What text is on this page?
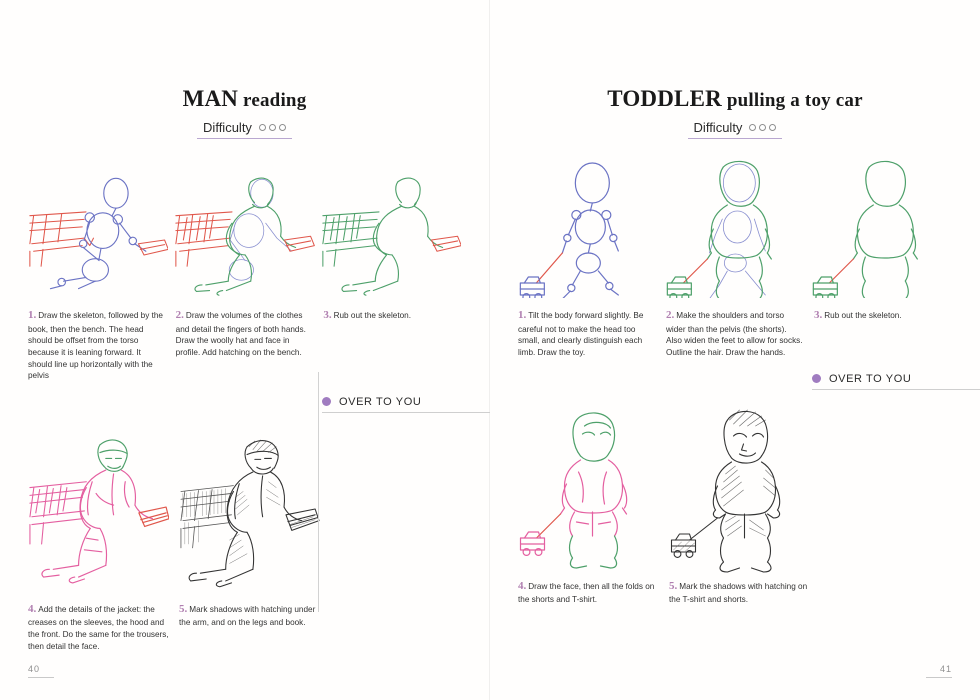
MAN reading
Difficulty
1. Draw the skeleton, followed by the book, then the bench. The head should be offset from the torso because it is leaning forward. It should line up horizontally with the pelvis
2. Draw the volumes of the clothes and detail the fingers of both hands. Draw the woolly hat and face in profile. Add hatching on the bench.
3. Rub out the skeleton.
OVER TO YOU
4. Add the details of the jacket: the creases on the sleeves, the hood and the front. Do the same for the trousers, then detail the face.
5. Mark shadows with hatching under the arm, and on the legs and book.
40
TODDLER pulling a toy car
Difficulty
1. Tilt the body forward slightly. Be careful not to make the head too small, and clearly distinguish each limb. Draw the toy.
2. Make the shoulders and torso wider than the pelvis (the shorts). Also widen the feet to allow for socks. Outline the hair. Draw the hands.
3. Rub out the skeleton.
OVER TO YOU
4. Draw the face, then all the folds on the shorts and T-shirt.
5. Mark the shadows with hatching on the T-shirt and shorts.
41
